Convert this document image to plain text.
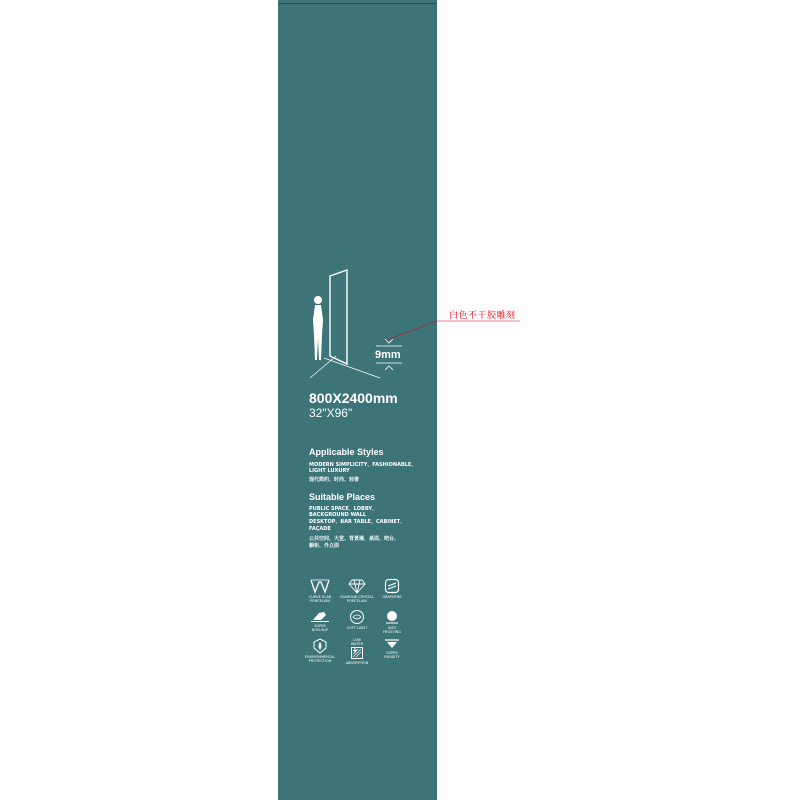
白色不干胶雕刻
9mm
800X2400mm
32"X96"
Applicable Styles
MODERN SIMPLICITY、FASHIONABLE、
LIGHT LUXURY
现代简约、时尚、轻奢
Suitable Places
PUBLIC SPACE、LOBBY、
BACKGROUND WALL
DESKTOP、BAR TABLE、CABINET、
FAÇADE
公共空间、大堂、背景墙、桌面、吧台、
橱柜、外立面
CURVE SLAB
PORCELAIN
DIAMOND CRYSTAL
PORCELAIN
GRAPHENE
SUPER
NON-SLIP	SOFT LIGHT	ANTI
FROSTING
ENVIRONMENTAL
PROTECTION
LOW
WATER
ABSORPTION
SUPER
RIGIDITY
